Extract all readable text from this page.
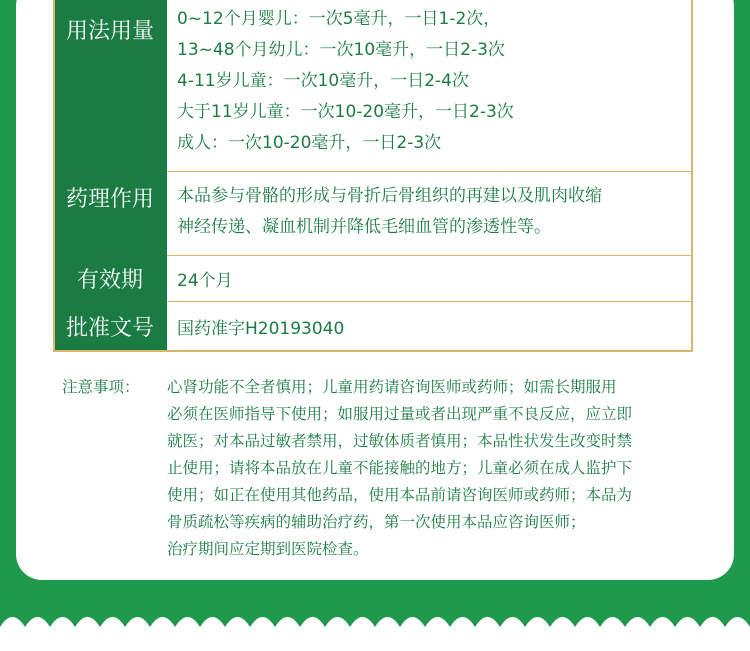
用法用量	0~12个月婴儿：一次5毫升，一日1-2次，
13~48个月幼儿：一次10毫升，一日2-3次
4-11岁儿童：一次10毫升，一日2-4次
大于11岁儿童：一次10-20毫升，一日2-3次
成人：一次10-20毫升，一日2-3次
药理作用	本品参与骨骼的形成与骨折后骨组织的再建以及肌肉收缩
神经传递、凝血机制并降低毛细血管的渗透性等。
有效期	24个月
批准文号	国药准字H20193040
注意事项： 心肾功能不全者慎用；儿童用药请咨询医师或药师；如需长期服用
必须在医师指导下使用；如服用过量或者出现严重不良反应，应立即
就医；对本品过敏者禁用，过敏体质者慎用；本品性状发生改变时禁
止使用；请将本品放在儿童不能接触的地方；儿童必须在成人监护下
使用；如正在使用其他药品，使用本品前请咨询医师或药师；本品为
骨质疏松等疾病的辅助治疗药，第一次使用本品应咨询医师；
治疗期间应定期到医院检查。
